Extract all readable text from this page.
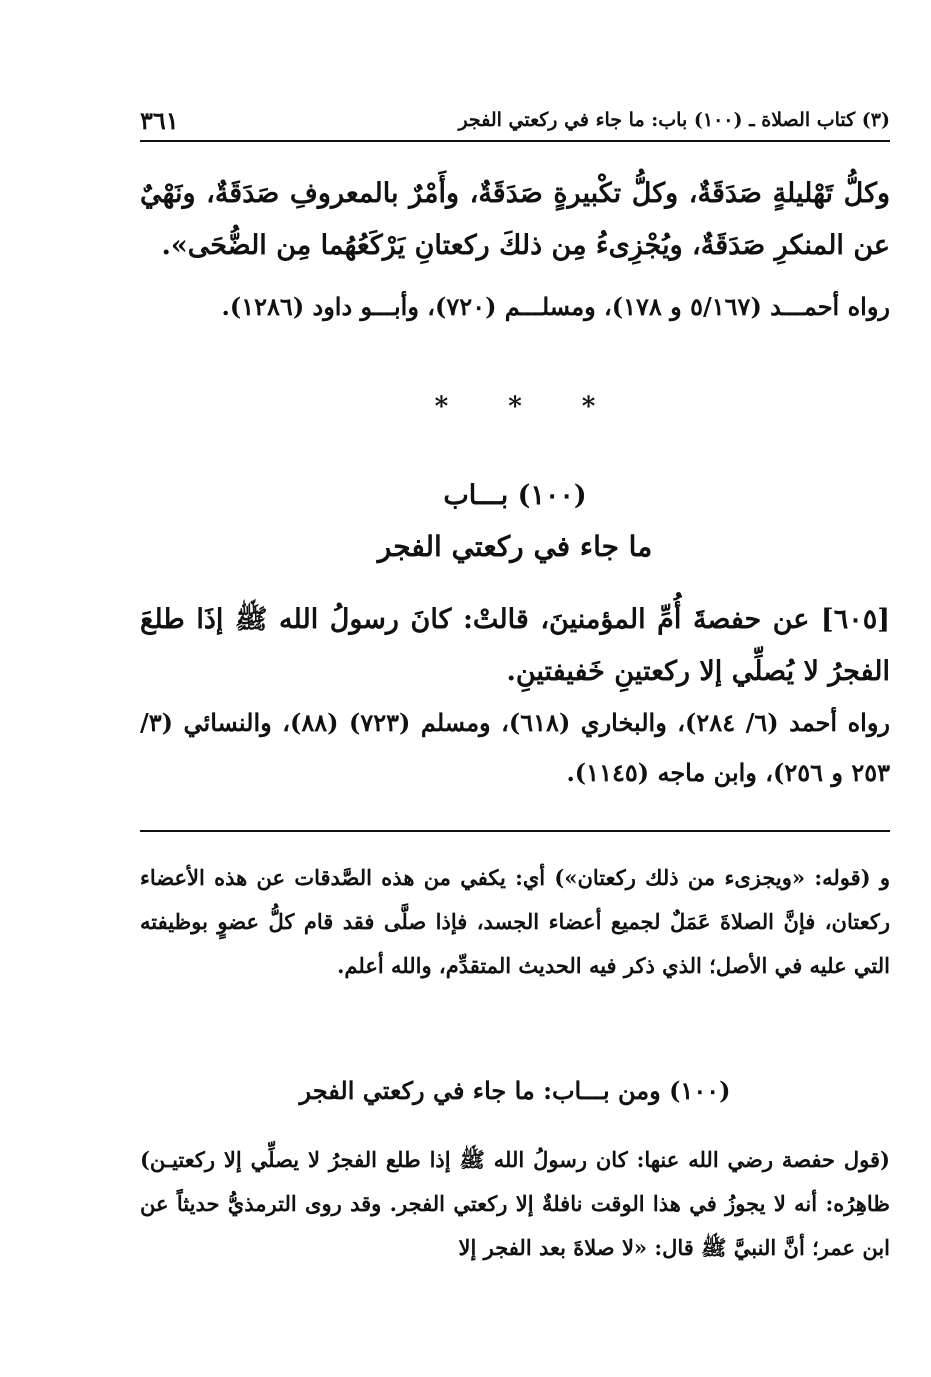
(٣) كتاب الصلاة ـ (١٠٠) باب: ما جاء في ركعتي الفجر
٣٦١

وكلُّ تَهْليلةٍ صَدَقَةٌ، وكلُّ تكْبيرةٍ صَدَقَةٌ، وأَمْرٌ بالمعروفِ صَدَقَةٌ، ونَهْيٌ عن المنكرِ صَدَقَةٌ، ويُجْزِىءُ مِن ذلكَ ركعتانِ يَرْكَعُهُما مِن الضُّحَى».

رواه أحمـــد (٥/١٦٧ و ١٧٨)، ومسلـــم (٧٢٠)، وأبـــو داود (١٢٨٦).

* * *
(١٠٠) بـــاب
ما جاء في ركعتي الفجر

[٦٠٥] عن حفصةَ أُمِّ المؤمنينَ، قالتْ: كانَ رسولُ الله ﷺ إذَا طلعَ الفجرُ لا يُصلِّي إلا ركعتينِ خَفيفتينِ.

رواه أحمد (٦/ ٢٨٤)، والبخاري (٦١٨)، ومسلم (٧٢٣) (٨٨)، والنسائي (٣/ ٢٥٣ و ٢٥٦)، وابن ماجه (١١٤٥).

و (قوله: «ويجزىء من ذلك ركعتان») أي: يكفي من هذه الصَّدقات عن هذه الأعضاء ركعتان، فإنَّ الصلاةَ عَمَلٌ لجميع أعضاء الجسد، فإذا صلَّى فقد قام كلُّ عضوٍ بوظيفته التي عليه في الأصل؛ الذي ذكر فيه الحديث المتقدِّم، والله أعلم.

(١٠٠) ومن بـــاب: ما جاء في ركعتي الفجر

(قول حفصة رضي الله عنها: كان رسولُ الله ﷺ إذا طلع الفجرُ لا يصلِّي إلا ركعتيـن) ظاهِرُه: أنه لا يجوزُ في هذا الوقت نافلةٌ إلا ركعتي الفجر. وقد روى الترمذيُّ حديثاً عن ابن عمر؛ أنَّ النبيَّ ﷺ قال: «لا صلاةَ بعد الفجر إلا
